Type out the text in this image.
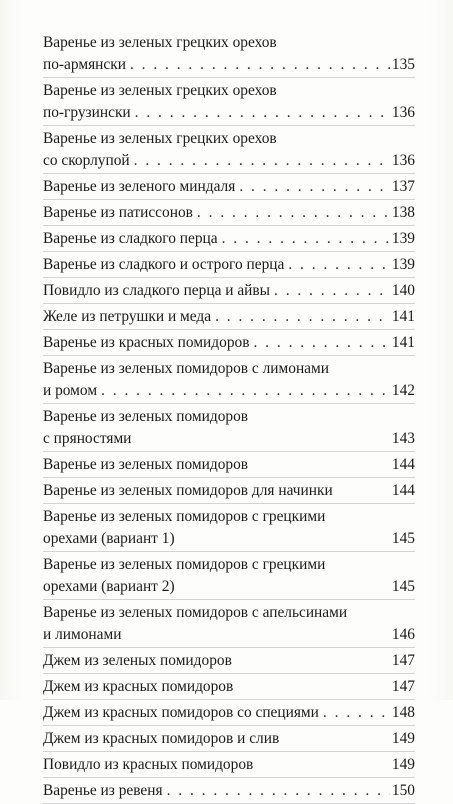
Варенье из зеленых грецких орехов
по-армянски . . .	135
Варенье из зеленых грецких орехов
по-грузински . . .	136
Варенье из зеленых грецких орехов
со скорлупой . . .	136
Варенье из зеленого миндаля . . .	137
Варенье из патиссонов . . .	138
Варенье из сладкого перца . . .	139
Варенье из сладкого и острого перца . . .	139
Повидло из сладкого перца и айвы . . .	140
Желе из петрушки и меда . . .	141
Варенье из красных помидоров . . .	141
Варенье из зеленых помидоров с лимонами
и ромом . . .	142
Варенье из зеленых помидоров
с пряностями	143
Варенье из зеленых помидоров	144
Варенье из зеленых помидоров для начинки	144
Варенье из зеленых помидоров с грецкими
орехами (вариант 1)	145
Варенье из зеленых помидоров с грецкими
орехами (вариант 2)	145
Варенье из зеленых помидоров с апельсинами
и лимонами	146
Джем из зеленых помидоров	147
Джем из красных помидоров	147
Джем из красных помидоров со специями . . .	148
Джем из красных помидоров и слив	149
Повидло из красных помидоров	149
Варенье из ревеня . . .	150
